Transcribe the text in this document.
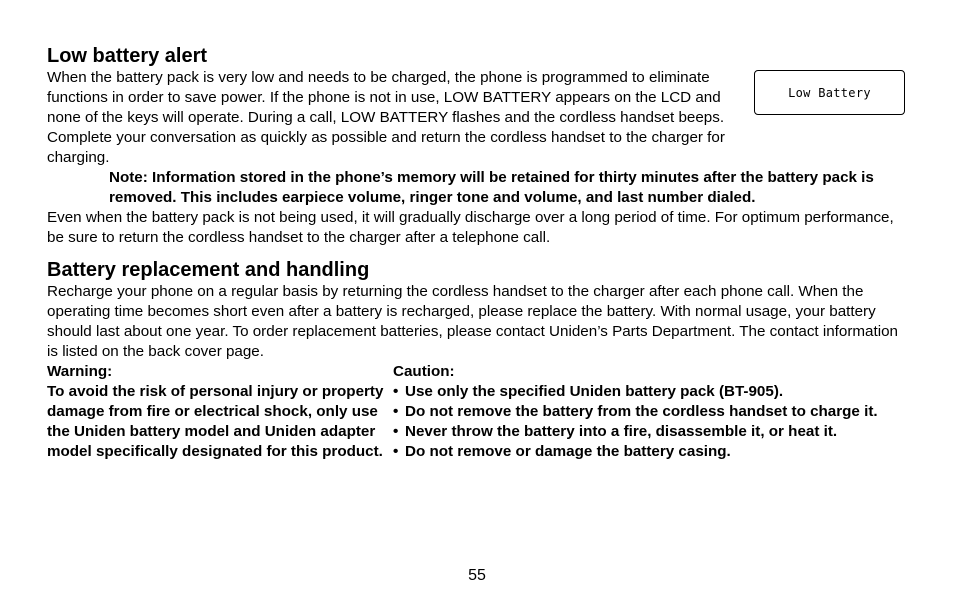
Low battery alert

When the battery pack is very low and needs to be charged, the phone is programmed to eliminate functions in order to save power. If the phone is not in use, LOW BATTERY appears on the LCD and none of the keys will operate. During a call, LOW BATTERY flashes and the cordless handset beeps. Complete your conversation as quickly as possible and return the cordless handset to the charger for charging.

Note: Information stored in the phone’s memory will be retained for thirty minutes after the battery pack is removed. This includes earpiece volume, ringer tone and volume, and last number dialed.

Even when the battery pack is not being used, it will gradually discharge over a long period of time. For optimum performance, be sure to return the cordless handset to the charger after a telephone call.

Battery replacement and handling

Recharge your phone on a regular basis by returning the cordless handset to the charger after each phone call. When the operating time becomes short even after a battery is recharged, please replace the battery. With normal usage, your battery should last about one year. To order replacement batteries, please contact Uniden’s Parts Department. The contact information is listed on the back cover page.

Warning:
To avoid the risk of personal injury or property damage from fire or electrical shock, only use the Uniden battery model and Uniden adapter model specifically designated for this product.
Caution:
• Use only the specified Uniden battery pack (BT-905).
• Do not remove the battery from the cordless handset to charge it.
• Never throw the battery into a fire, disassemble it, or heat it.
• Do not remove or damage the battery casing.
Low Battery
55
